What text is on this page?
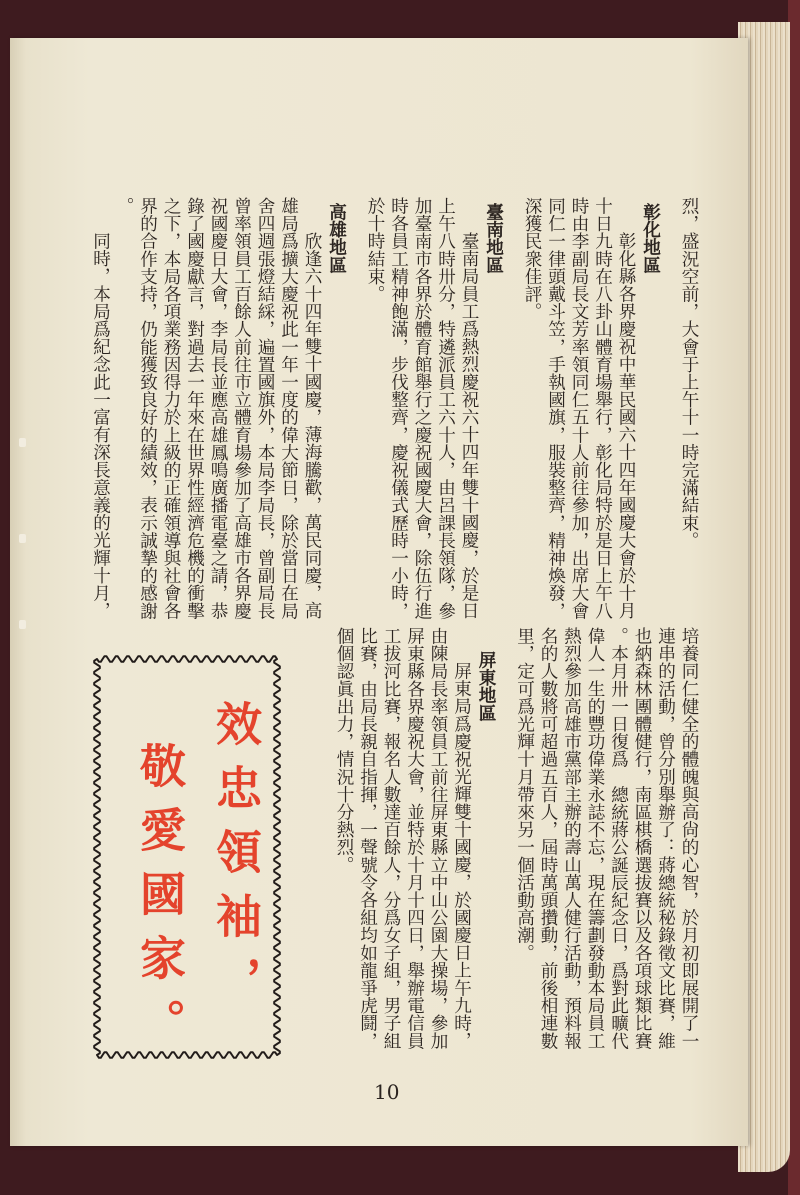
烈，盛況空前，大會于上午十一時完滿結束。
彰化地區
彰化縣各界慶祝中華民國六十四年國慶大會於十月
十日九時在八卦山體育場舉行，彰化局特於是日上午八
時由李副局長文芳率領同仁五十人前往參加，出席大會
同仁一律頭戴斗笠，手執國旗，服裝整齊，精神煥發，
深獲民衆佳評。
臺南地區
臺南局員工爲熱烈慶祝六十四年雙十國慶，於是日
上午八時卅分，特遴派員工六十人，由呂課長領隊，參
加臺南市各界於體育館舉行之慶祝國慶大會，除伍行進
時各員工精神飽滿，步伐整齊，慶祝儀式歷時一小時，
於十時結束。
高雄地區
欣逢六十四年雙十國慶，薄海騰歡，萬民同慶，高
雄局爲擴大慶祝此一年一度的偉大節日，除於當日在局
舍四週張燈結綵，遍置國旗外，本局李局長，曾副局長
曾率領員工百餘人前往市立體育場參加了高雄市各界慶
祝國慶日大會，李局長並應高雄鳳鳴廣播電臺之請，恭
錄了國慶獻言，對過去一年來在世界性經濟危機的衝擊
之下，本局各項業務因得力於上級的正確領導與社會各
界的合作支持，仍能獲致良好的績效，表示誠摯的感謝
。
同時，本局爲紀念此一富有深長意義的光輝十月，
培養同仁健全的體魄與高尙的心智，於月初即展開了一
連串的活動，曾分別舉辦了：蔣總統秘錄徵文比賽，維
也納森林團體健行，南區棋橋選拔賽以及各項球類比賽
。本月卅一日復爲　總統蔣公誕辰紀念日，爲對此曠代
偉人一生的豐功偉業永誌不忘，現在籌劃發動本局員工
熱烈參加高雄市黨部主辦的壽山萬人健行活動，預料報
名的人數將可超過五百人，屆時萬頭攢動，前後相連數
里，定可爲光輝十月帶來另一個活動高潮。
屏東地區
屏東局爲慶祝光輝雙十國慶，於國慶日上午九時，
由陳局長率領員工前往屏東縣立中山公園大操場，參加
屏東縣各界慶祝大會，並特於十月十四日，舉辦電信員
工拔河比賽，報名人數達百餘人，分爲女子組，男子組
比賽，由局長親自指揮，一聲號令各組均如龍爭虎鬪，
個個認眞出力，情況十分熱烈。
效忠領袖，
敬愛國家。
10
